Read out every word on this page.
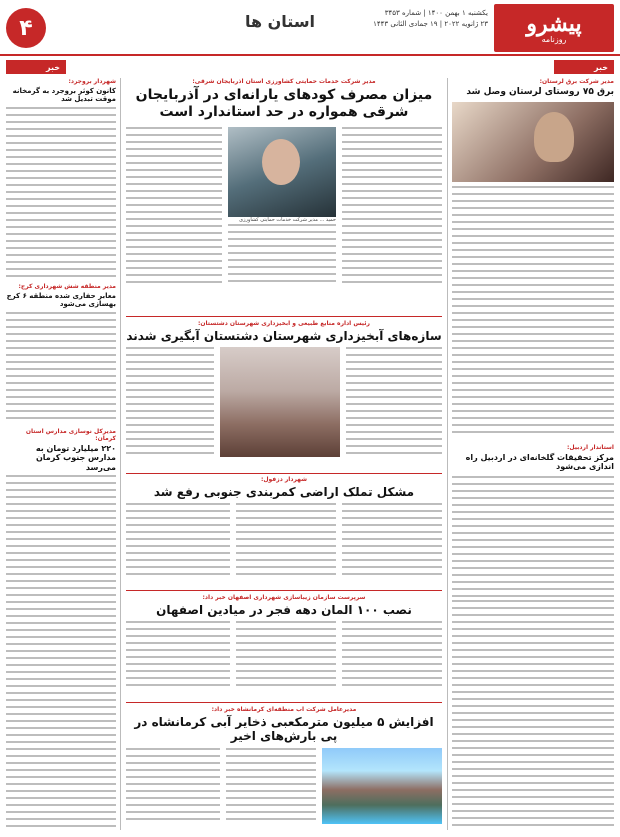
پیشرو
روزنامه
یکشنبه ۱ بهمن ۱۴۰۰ | شماره ۳۴۵۳
۲۳ ژانویه ۲۰۲۲ | ۱۹ جمادی الثانی ۱۴۴۳
استان ها
۴
خبر
خبر
مدیر شرکت برق لرستان:
برق ۷۵ روستای لرستان وصل شد
استاندار اردبیل:
مرکز تحقیقات گلخانه‌ای در اردبیل راه اندازی می‌شود
شهردار بروجرد:
کانون کوثر بروجرد به گرمخانه موقت تبدیل شد
مدیر منطقه شش شهرداری کرج:
معابر حفاری شده منطقه ۶ کرج بهسازی می‌شود
مدیرکل نوسازی مدارس استان کرمان:
۲۲۰ میلیارد تومان به مدارس جنوب کرمان می‌رسد
مدیر شرکت خدمات حمایتی کشاورزی استان آذربایجان شرقی:
میزان مصرف کودهای یارانه‌ای در آذربایجان شرقی همواره در حد استاندارد است
حمید ... مدیر شرکت خدمات حمایتی کشاورزی
رئیس اداره منابع طبیعی و آبخیزداری شهرستان دشتستان:
سازه‌های آبخیزداری شهرستان دشتستان آبگیری شدند
شهردار دزفول:
مشکل تملک اراضی کمربندی جنوبی رفع شد
سرپرست سازمان زیباسازی شهرداری اصفهان خبر داد:
نصب ۱۰۰ المان دهه فجر در میادین اصفهان
مدیرعامل شرکت آب منطقه‌ای کرمانشاه خبر داد:
افزایش ۵ میلیون مترمکعبی ذخایر آبی کرمانشاه در پی بارش‌های اخیر
